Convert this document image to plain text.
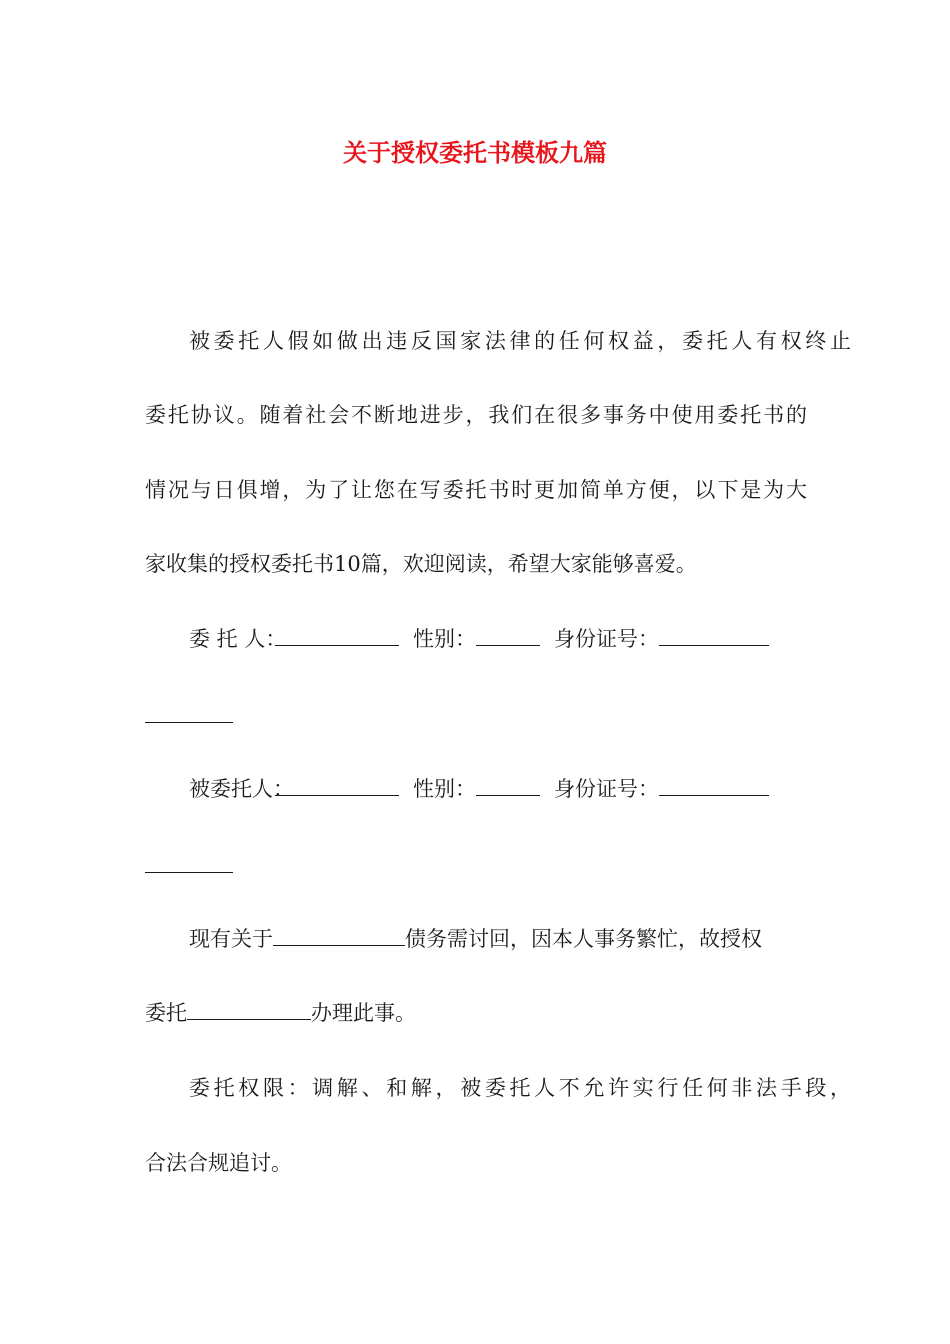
关于授权委托书模板九篇
被委托人假如做出违反国家法律的任何权益，委托人有权终止
委托协议。随着社会不断地进步，我们在很多事务中使用委托书的
情况与日俱增，为了让您在写委托书时更加简单方便，以下是为大
家收集的授权委托书10篇，欢迎阅读，希望大家能够喜爱。
委 托 人：	性别：	身份证号：
被委托人：	性别：	身份证号：
现有关于	债务需讨回，因本人事务繁忙，故授权
委托	办理此事。
委托权限：调解、和解，被委托人不允许实行任何非法手段，
合法合规追讨。
